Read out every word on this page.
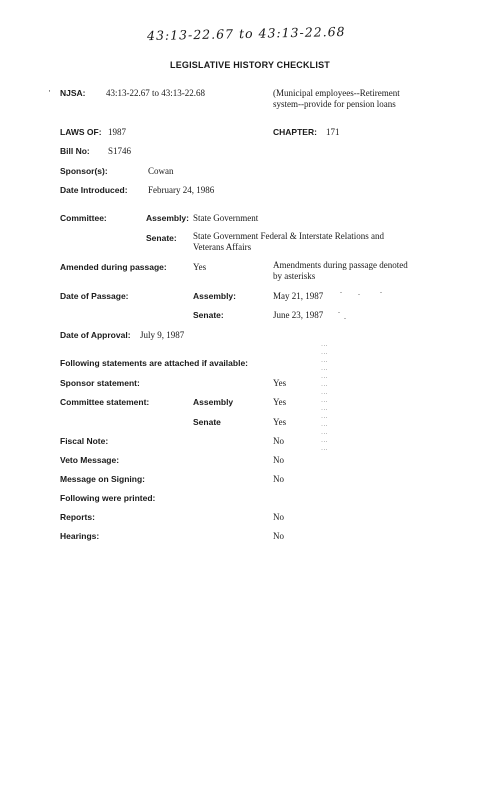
43:13-22.67 to 43:13-22.68
LEGISLATIVE HISTORY CHECKLIST
· NJSA: 43:13-22.67 to 43:13-22.68	(Municipal employees--Retirement system--provide for pension loans
LAWS OF: 1987	CHAPTER: 171
Bill No: S1746
Sponsor(s):	Cowan
Date Introduced: February 24, 1986
Committee:	Assembly: State Government
Senate: State Government Federal & Interstate Relations and Veterans Affairs
Amended during passage:	Yes	Amendments during passage denoted by asterisks
Date of Passage:	Assembly:	May 21, 1987
Senate:	June 23, 1987
Date of Approval: July 9, 1987
Following statements are attached if available:
Sponsor statement:	Yes
Committee statement:	Assembly	Yes
Senate	Yes
Fiscal Note:	No
Veto Message:	No
Message on Signing:	No
Following were printed:
Reports:	No
Hearings:	No
⋮⋮⋮⋮⋮⋮⋮⋮⋮⋮⋮⋮⋮⋮
